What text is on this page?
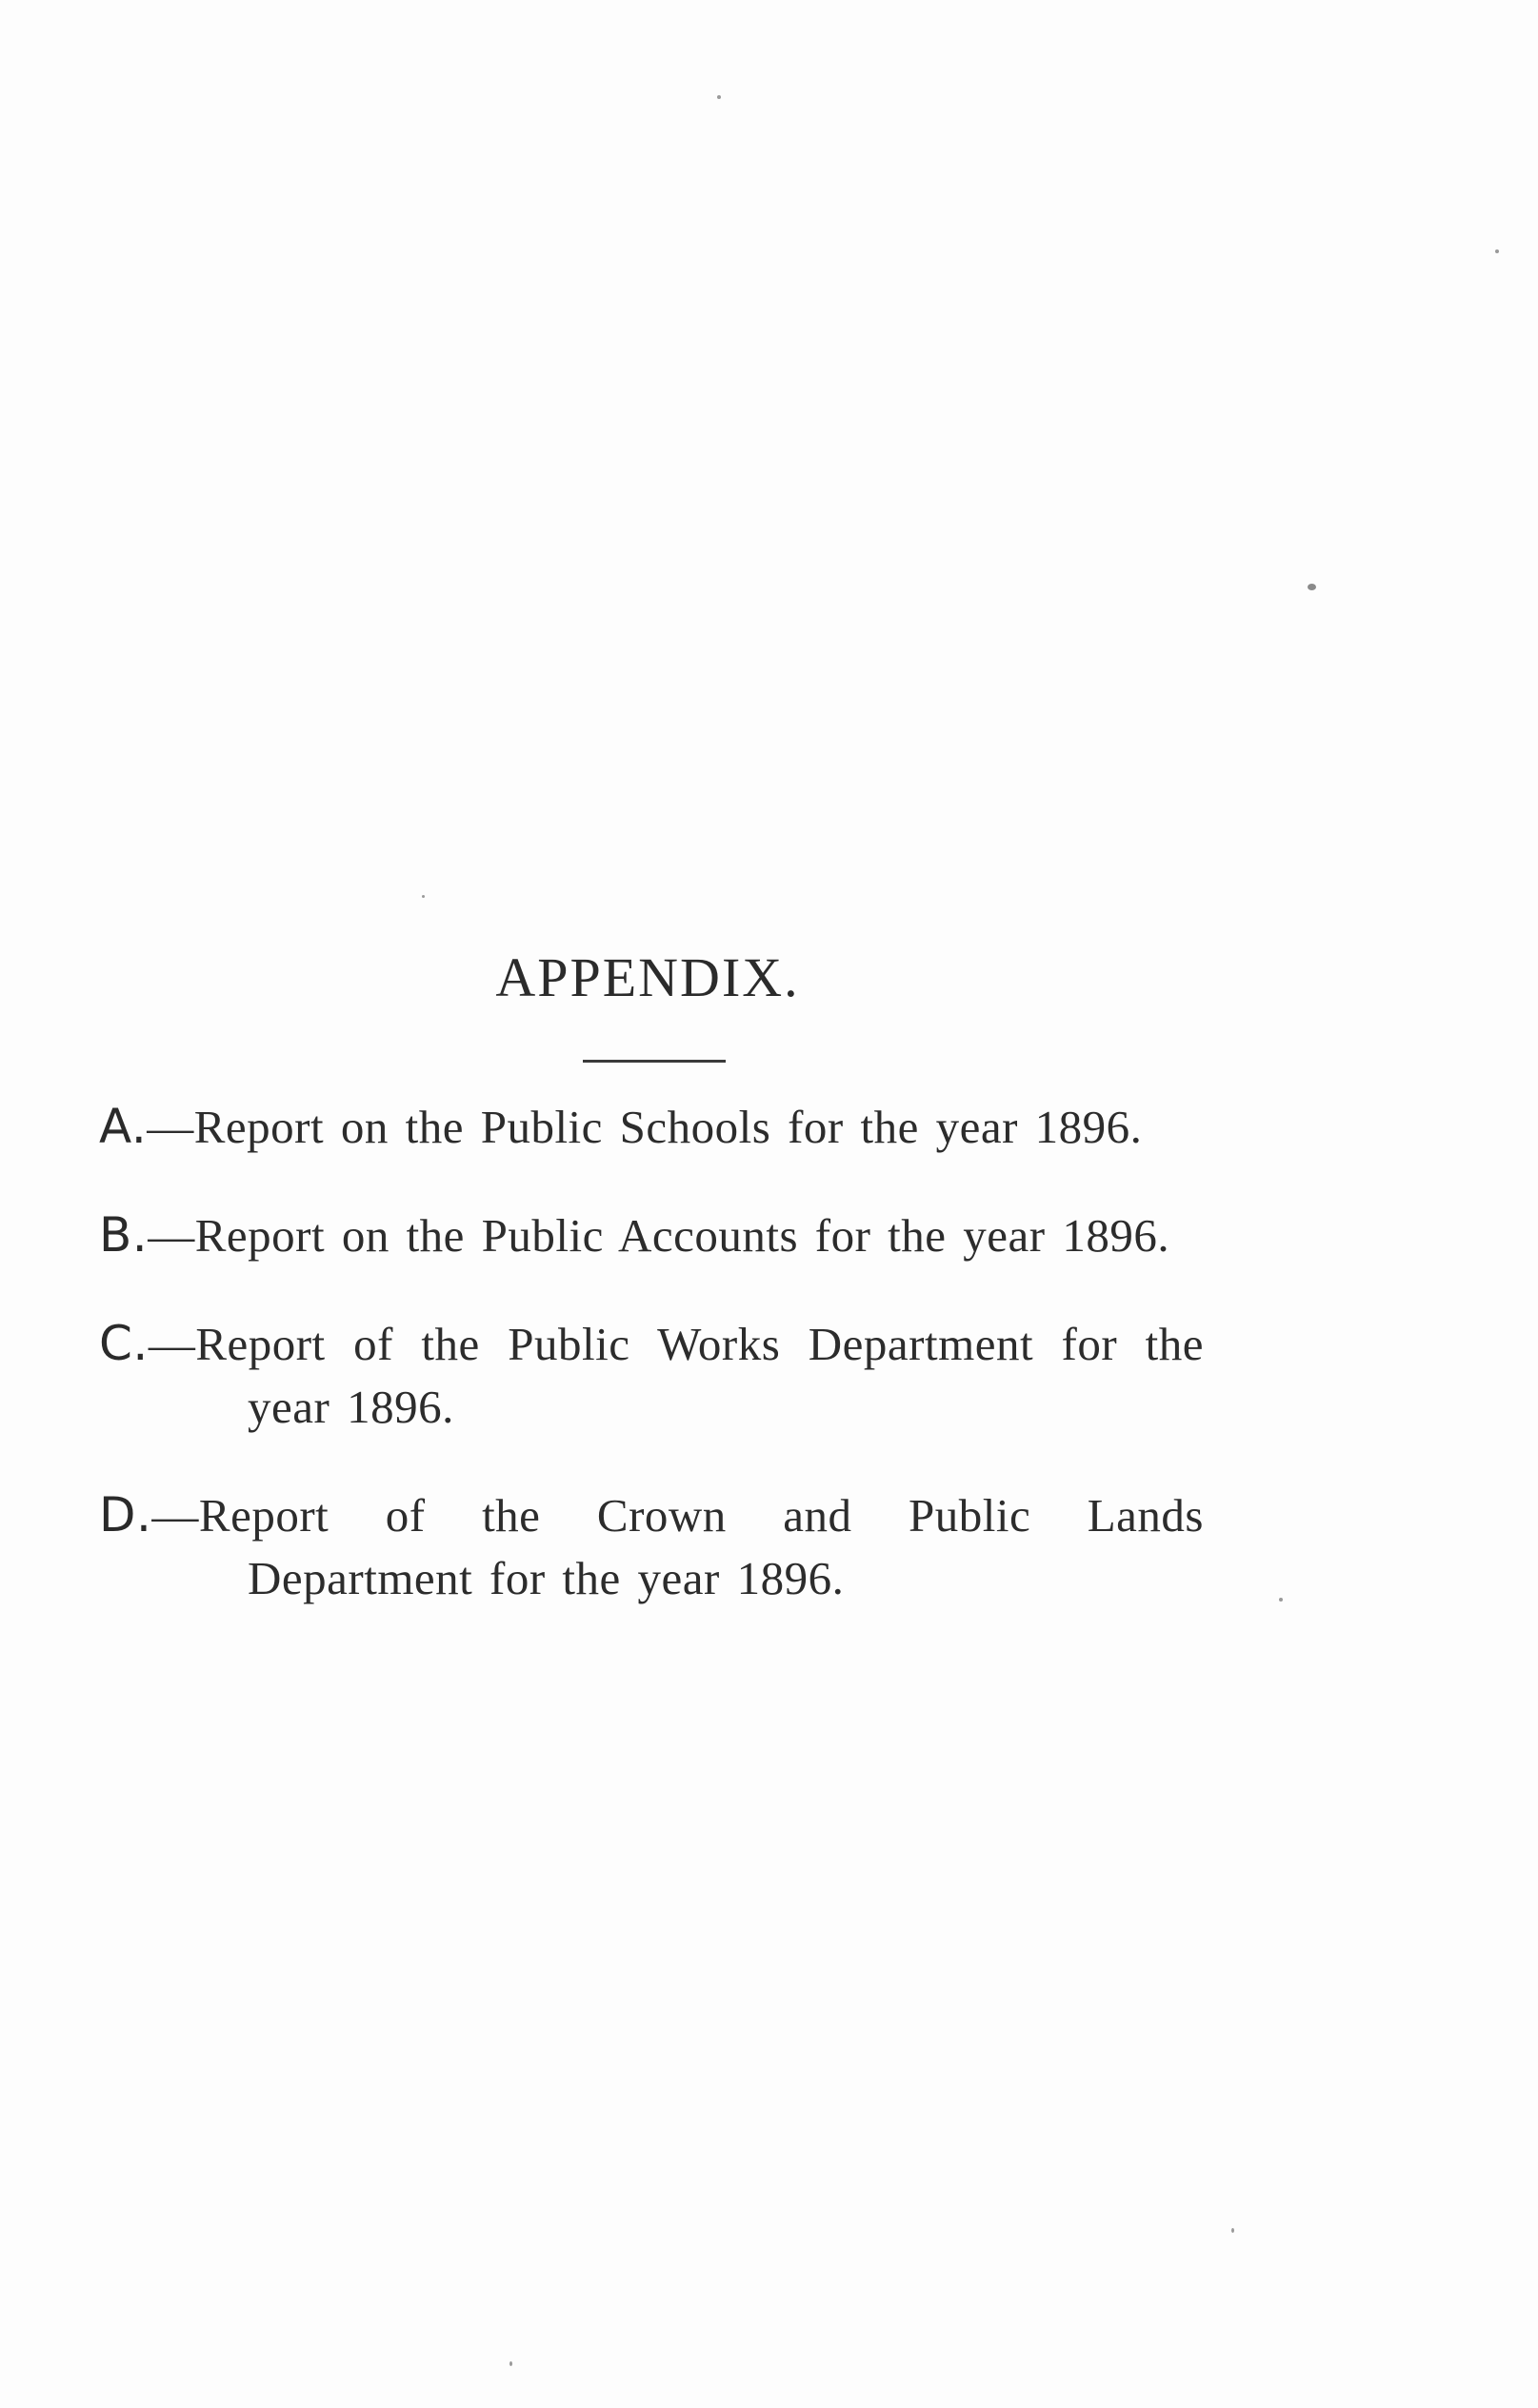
APPENDIX.

A.—Report on the Public Schools for the year 1896.

B.—Report on the Public Accounts for the year 1896.

C.—Report of the Public Works Department for the year 1896.

D.—Report of the Crown and Public Lands Department for the year 1896.
